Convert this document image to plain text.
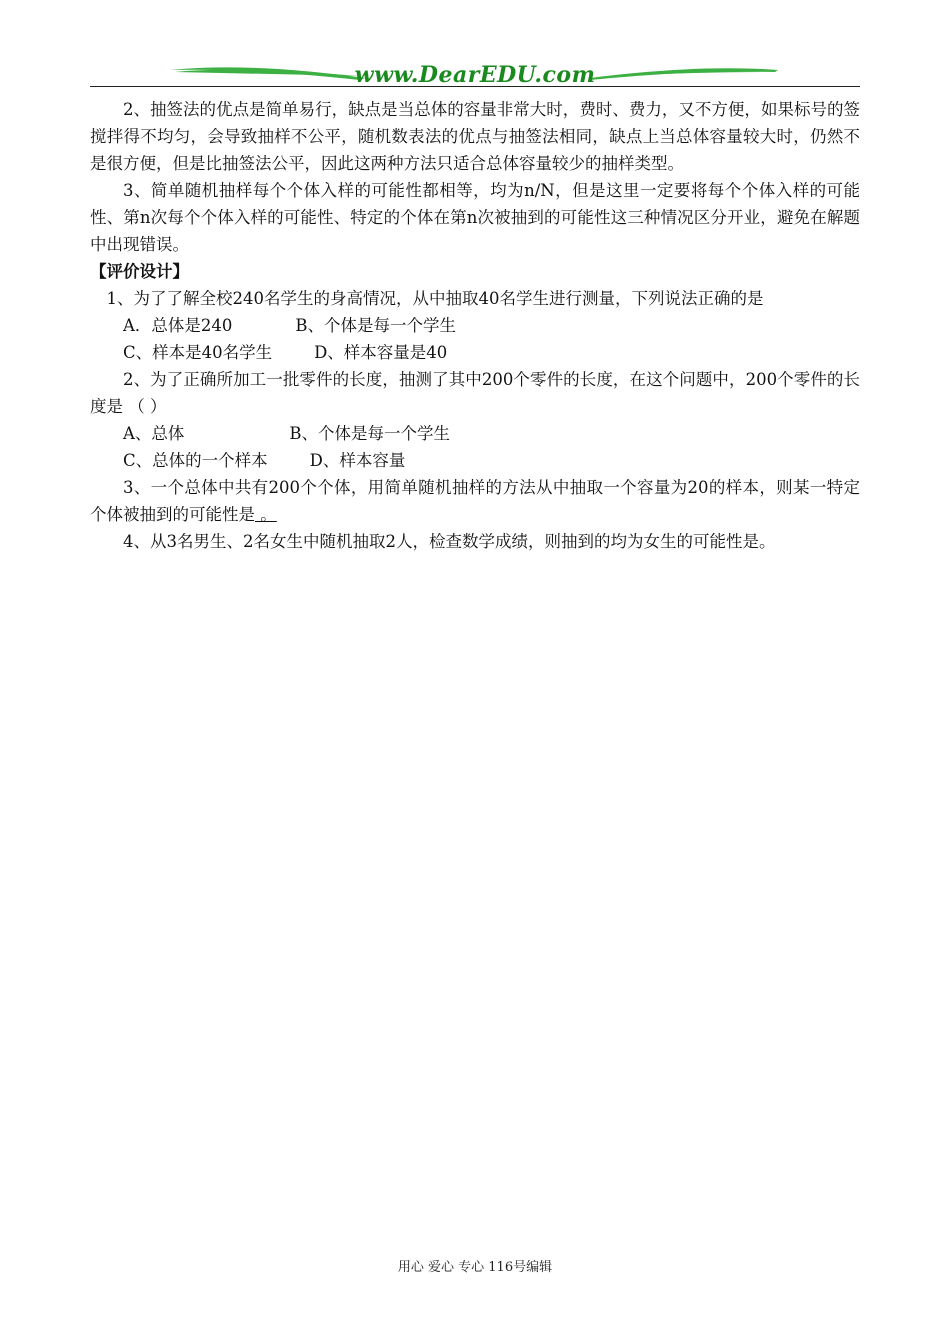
www.DearEDU.com

2、抽签法的优点是简单易行，缺点是当总体的容量非常大时，费时、费力，又不方便，如果标号的签搅拌得不均匀，会导致抽样不公平，随机数表法的优点与抽签法相同，缺点上当总体容量较大时，仍然不是很方便，但是比抽签法公平，因此这两种方法只适合总体容量较少的抽样类型。

3、简单随机抽样每个个体入样的可能性都相等，均为n/N，但是这里一定要将每个个体入样的可能性、第n次每个个体入样的可能性、特定的个体在第n次被抽到的可能性这三种情况区分开业，避免在解题中出现错误。

【评价设计】

1、为了了解全校240名学生的身高情况，从中抽取40名学生进行测量，下列说法正确的是

A．总体是240            B、个体是每一个学生

C、样本是40名学生        D、样本容量是40

2、为了正确所加工一批零件的长度，抽测了其中200个零件的长度，在这个问题中，200个零件的长度是 （ ）

A、总体                    B、个体是每一个学生

C、总体的一个样本        D、样本容量

3、一个总体中共有200个个体，用简单随机抽样的方法从中抽取一个容量为20的样本，则某一特定个体被抽到的可能性是 。

4、从3名男生、2名女生中随机抽取2人，检查数学成绩，则抽到的均为女生的可能性是。

用心 爱心 专心 116号编辑
